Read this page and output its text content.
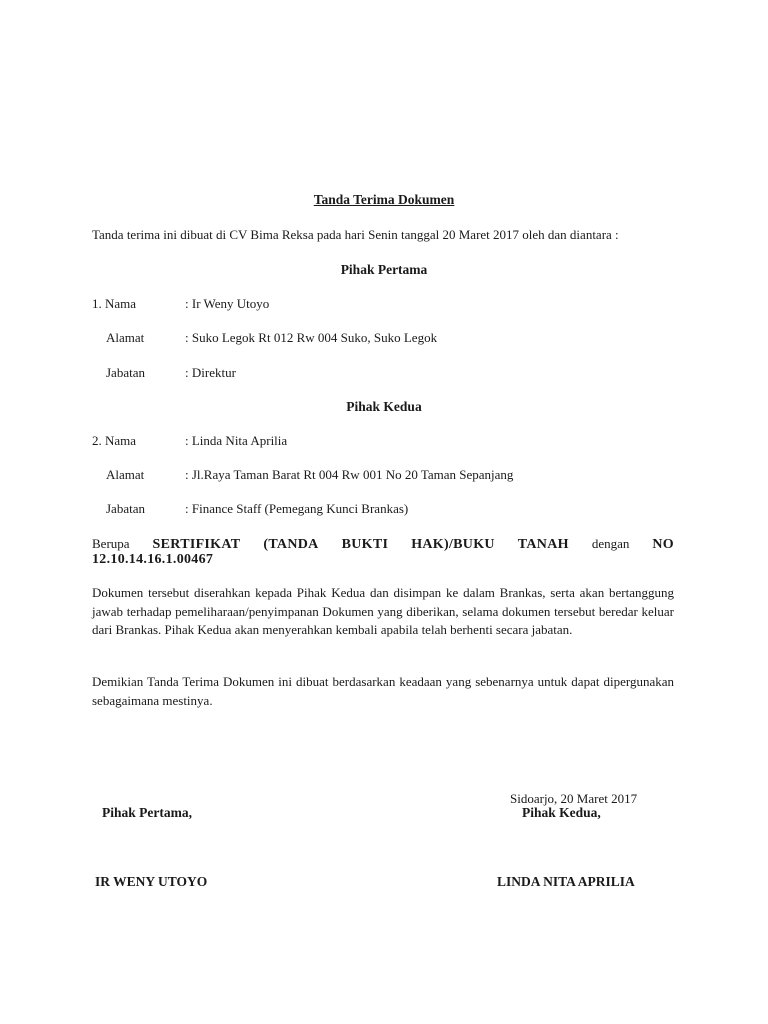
Tanda Terima Dokumen
Tanda terima ini dibuat di CV Bima Reksa pada hari Senin tanggal 20 Maret 2017 oleh dan diantara :
Pihak Pertama
1. Nama	: Ir Weny Utoyo
Alamat	: Suko Legok Rt 012 Rw 004 Suko, Suko Legok
Jabatan	: Direktur
Pihak Kedua
2. Nama	: Linda Nita Aprilia
Alamat	: Jl.Raya Taman Barat Rt 004 Rw 001 No 20 Taman Sepanjang
Jabatan	: Finance Staff (Pemegang Kunci Brankas)
Berupa SERTIFIKAT (TANDA BUKTI HAK)/BUKU TANAH dengan NO
12.10.14.16.1.00467
Dokumen tersebut diserahkan kepada Pihak Kedua dan disimpan ke dalam Brankas, serta akan bertanggung jawab terhadap pemeliharaan/penyimpanan Dokumen yang diberikan, selama dokumen tersebut beredar keluar dari Brankas. Pihak Kedua akan menyerahkan kembali apabila telah berhenti secara jabatan.
Demikian Tanda Terima Dokumen ini dibuat berdasarkan keadaan yang sebenarnya untuk dapat dipergunakan sebagaimana mestinya.
Sidoarjo, 20 Maret 2017
Pihak Pertama,	Pihak Kedua,
IR WENY UTOYO	LINDA NITA APRILIA
